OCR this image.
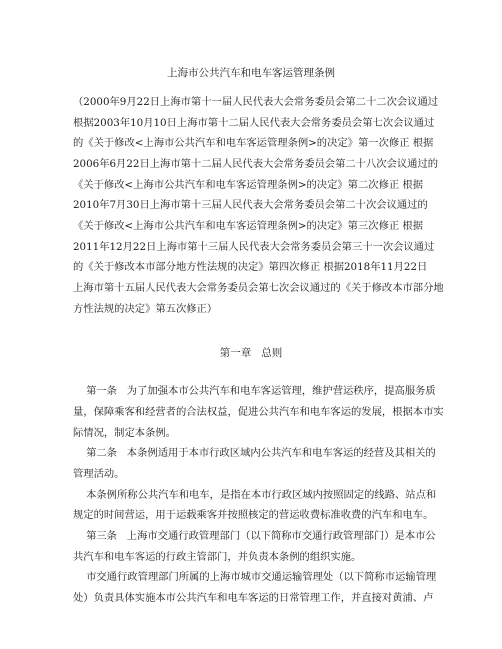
上海市公共汽车和电车客运管理条例
（2000年9月22日上海市第十一届人民代表大会常务委员会第二十二次会议通过
根据2003年10月10日上海市第十二届人民代表大会常务委员会第七次会议通过
的《关于修改<上海市公共汽车和电车客运管理条例>的决定》第一次修正 根据
2006年6月22日上海市第十二届人民代表大会常务委员会第二十八次会议通过的
《关于修改<上海市公共汽车和电车客运管理条例>的决定》第二次修正 根据
2010年7月30日上海市第十三届人民代表大会常务委员会第二十次会议通过的
《关于修改<上海市公共汽车和电车客运管理条例>的决定》第三次修正 根据
2011年12月22日上海市第十三届人民代表大会常务委员会第三十一次会议通过
的《关于修改本市部分地方性法规的决定》第四次修正 根据2018年11月22日
上海市第十五届人民代表大会常务委员会第七次会议通过的《关于修改本市部分地
方性法规的决定》第五次修正）
第一章   总则
第一条   为了加强本市公共汽车和电车客运管理，维护营运秩序，提高服务质
量，保障乘客和经营者的合法权益，促进公共汽车和电车客运的发展，根据本市实
际情况，制定本条例。
第二条   本条例适用于本市行政区域内公共汽车和电车客运的经营及其相关的
管理活动。
本条例所称公共汽车和电车，是指在本市行政区域内按照固定的线路、站点和
规定的时间营运，用于运载乘客并按照核定的营运收费标准收费的汽车和电车。
第三条   上海市交通行政管理部门（以下简称市交通行政管理部门）是本市公
共汽车和电车客运的行政主管部门，并负责本条例的组织实施。
市交通行政管理部门所属的上海市城市交通运输管理处（以下简称市运输管理
处）负责具体实施本市公共汽车和电车客运的日常管理工作，并直接对黄浦、卢
